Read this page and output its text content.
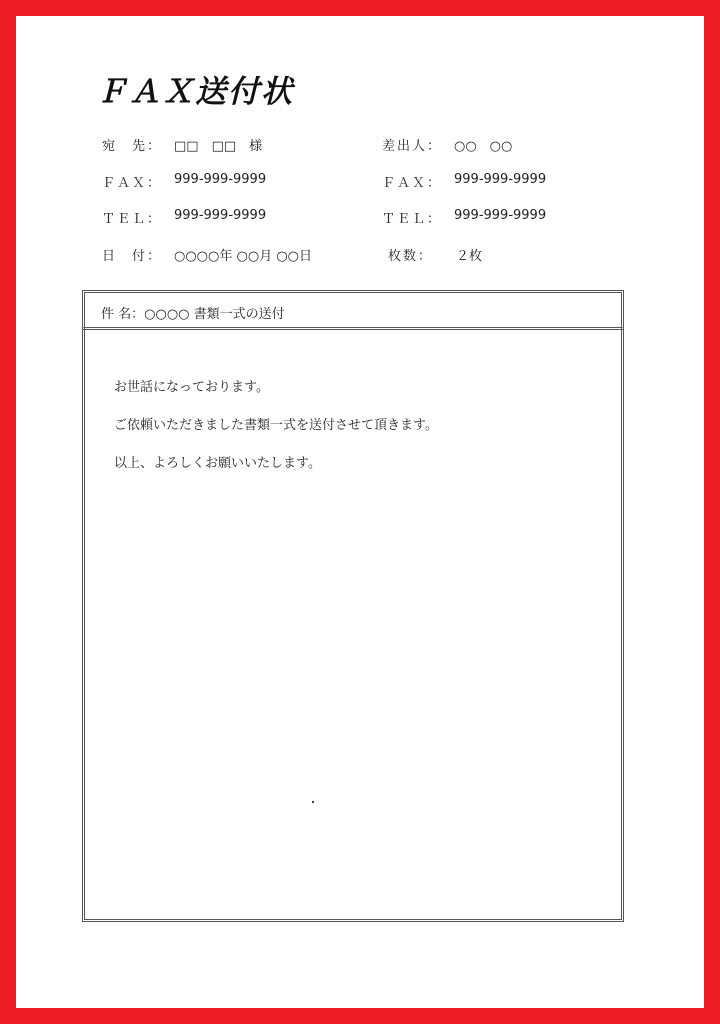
ＦＡＸ送付状
宛　先： □□　□□　様	差出人： ○○　○○
ＦＡＸ： 999-999-9999	ＦＡＸ： 999-999-9999
ＴＥＬ： 999-999-9999	ＴＥＬ： 999-999-9999
日　付： ○○○○年 ○○月 ○○日	枚数： ２枚
件 名：○○○○ 書類一式の送付
お世話になっております。
ご依頼いただきました書類一式を送付させて頂きます。
以上、よろしくお願いいたします。
